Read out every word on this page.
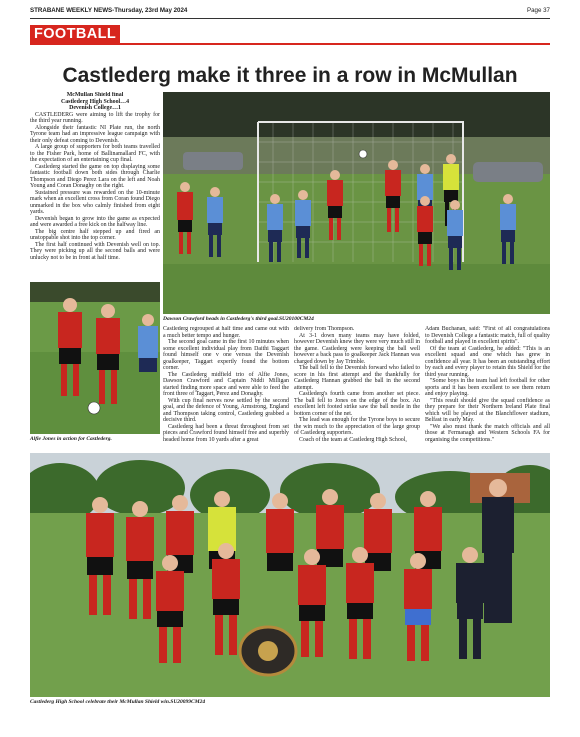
STRABANE WEEKLY NEWS-Thursday, 23rd May 2024	Page 37
FOOTBALL
Castlederg make it three in a row in McMullan

McMullan Shield final

Castlederg High School…4

Devenish College…1

CASTLEDERG were aiming to lift the trophy for the third year running.

Alongside their fantastic NI Plate run, the north Tyrone team had an impressive league campaign with their only defeat coming to Devenish.

A large group of supporters for both teams travelled to the Fisher Park, home of Ballinamallard FC, with the expectation of an entertaining cup final.

Castlederg started the game on top displaying some fantastic football down both sides through Charlie Thompson and Diego Perez Lara on the left and Noah Young and Coran Donaghy on the right.

Sustained pressure was rewarded on the 10-minute mark when an excellent cross from Coran found Diego unmarked in the box who calmly finished from eight yards.

Devenish began to grow into the game as expected and were awarded a free kick on the halfway line.

The big centre half stepped up and fired an unstoppable shot into the top corner.

The first half continued with Devenish well on top. They were picking up all the second balls and were unlucky not to be in front at half time.

Dawson Crawford heads in Castlederg's third goal.SU20100CM24
Alfie Jones in action for Castlederg.

Castlederg regrouped at half time and came out with a much better tempo and hunger.

The second goal came in the first 10 minutes when some excellent individual play from Daithi Taggart found himself one v one versus the Devenish goalkeeper, Taggart expertly found the bottom corner.

The Castlederg midfield trio of Alfie Jones, Dawson Crawford and Captain Niddi Milligan started finding more space and were able to feed the front three of Taggart, Perez and Donaghy.

With cup final nerves now settled by the second goal, and the defence of Young, Armstrong, England and Thompson taking control, Castlederg grabbed a decisive third.

Castlederg had been a threat throughout from set pieces and Crawford found himself free and superbly headed home from 10 yards after a great

delivery from Thompson.

At 3-1 down many teams may have folded, however Devenish knew they were very much still in the game. Castlederg were keeping the ball well however a back pass to goalkeeper Jack Hannan was charged down by Jay Trimble.

The ball fell to the Devenish forward who failed to score in his first attempt and the thankfully for Castlederg Hannan grabbed the ball in the second attempt.

Castlederg's fourth came from another set piece. The ball fell to Jones on the edge of the box. An excellent left footed strike saw the ball nestle in the bottom corner of the net.

The lead was enough for the Tyrone boys to secure the win much to the appreciation of the large group of Castlederg supporters.

Coach of the team at Castlederg High School,

Adam Buchanan, said: "First of all congratulations to Devenish College a fantastic match, full of quality football and played in excellent spirits".

Of the team at Castlederg, he added: "This is an excellent squad and one which has grew in confidence all year. It has been an outstanding effort by each and every player to retain this Shield for the third year running.

"Some boys in the team had left football for other sports and it has been excellent to see them return and enjoy playing.

"This result should give the squad confidence as they prepare for their Northern Ireland Plate final which will be played at the Blanchflower stadium, Belfast in early May.

"We also must thank the match officials and all those at Fermanagh and Western Schools FA for organising the competitions."

Castlederg High School celebrate their McMullan Shield win.SU20099CM24
